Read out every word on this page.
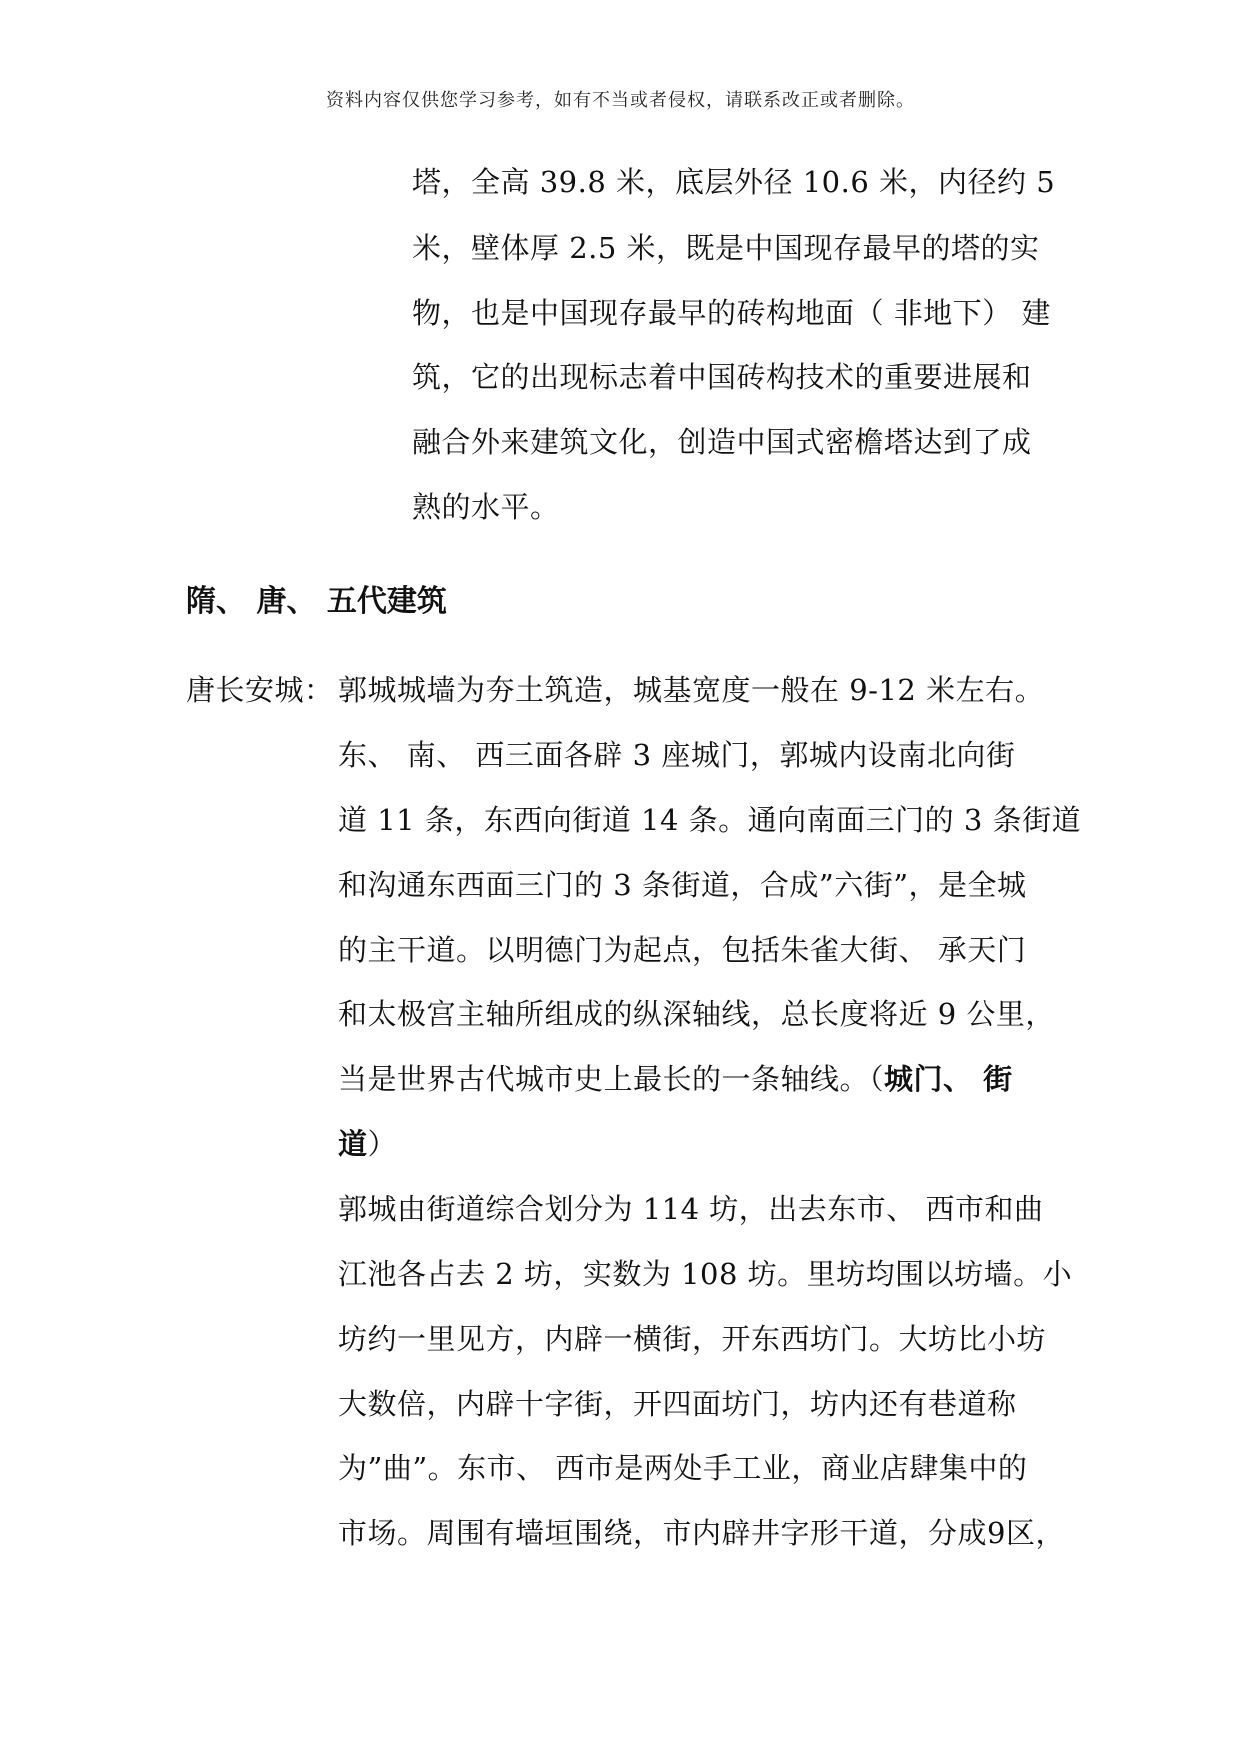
资料内容仅供您学习参考，如有不当或者侵权，请联系改正或者删除。
塔，全高 39.8 米，底层外径 10.6 米，内径约 5
米，壁体厚 2.5 米，既是中国现存最早的塔的实
物，也是中国现存最早的砖构地面（ 非地下） 建
筑，它的出现标志着中国砖构技术的重要进展和
融合外来建筑文化，创造中国式密檐塔达到了成
熟的水平。
隋、 唐、 五代建筑
唐长安城： 郭城城墙为夯土筑造，城基宽度一般在 9-12 米左右。
东、 南、 西三面各辟 3 座城门，郭城内设南北向街
道 11 条，东西向街道 14 条。通向南面三门的 3 条街道
和沟通东西面三门的 3 条街道，合成”六街”，是全城
的主干道。以明德门为起点，包括朱雀大街、 承天门
和太极宫主轴所组成的纵深轴线，总长度将近 9 公里，
当是世界古代城市史上最长的一条轴线。（城门、 街
道）
郭城由街道综合划分为 114 坊，出去东市、 西市和曲
江池各占去 2 坊，实数为 108 坊。里坊均围以坊墙。小
坊约一里见方，内辟一横街，开东西坊门。大坊比小坊
大数倍，内辟十字街，开四面坊门，坊内还有巷道称
为”曲”。东市、 西市是两处手工业，商业店肆集中的
市场。周围有墙垣围绕，市内辟井字形干道，分成9区，
